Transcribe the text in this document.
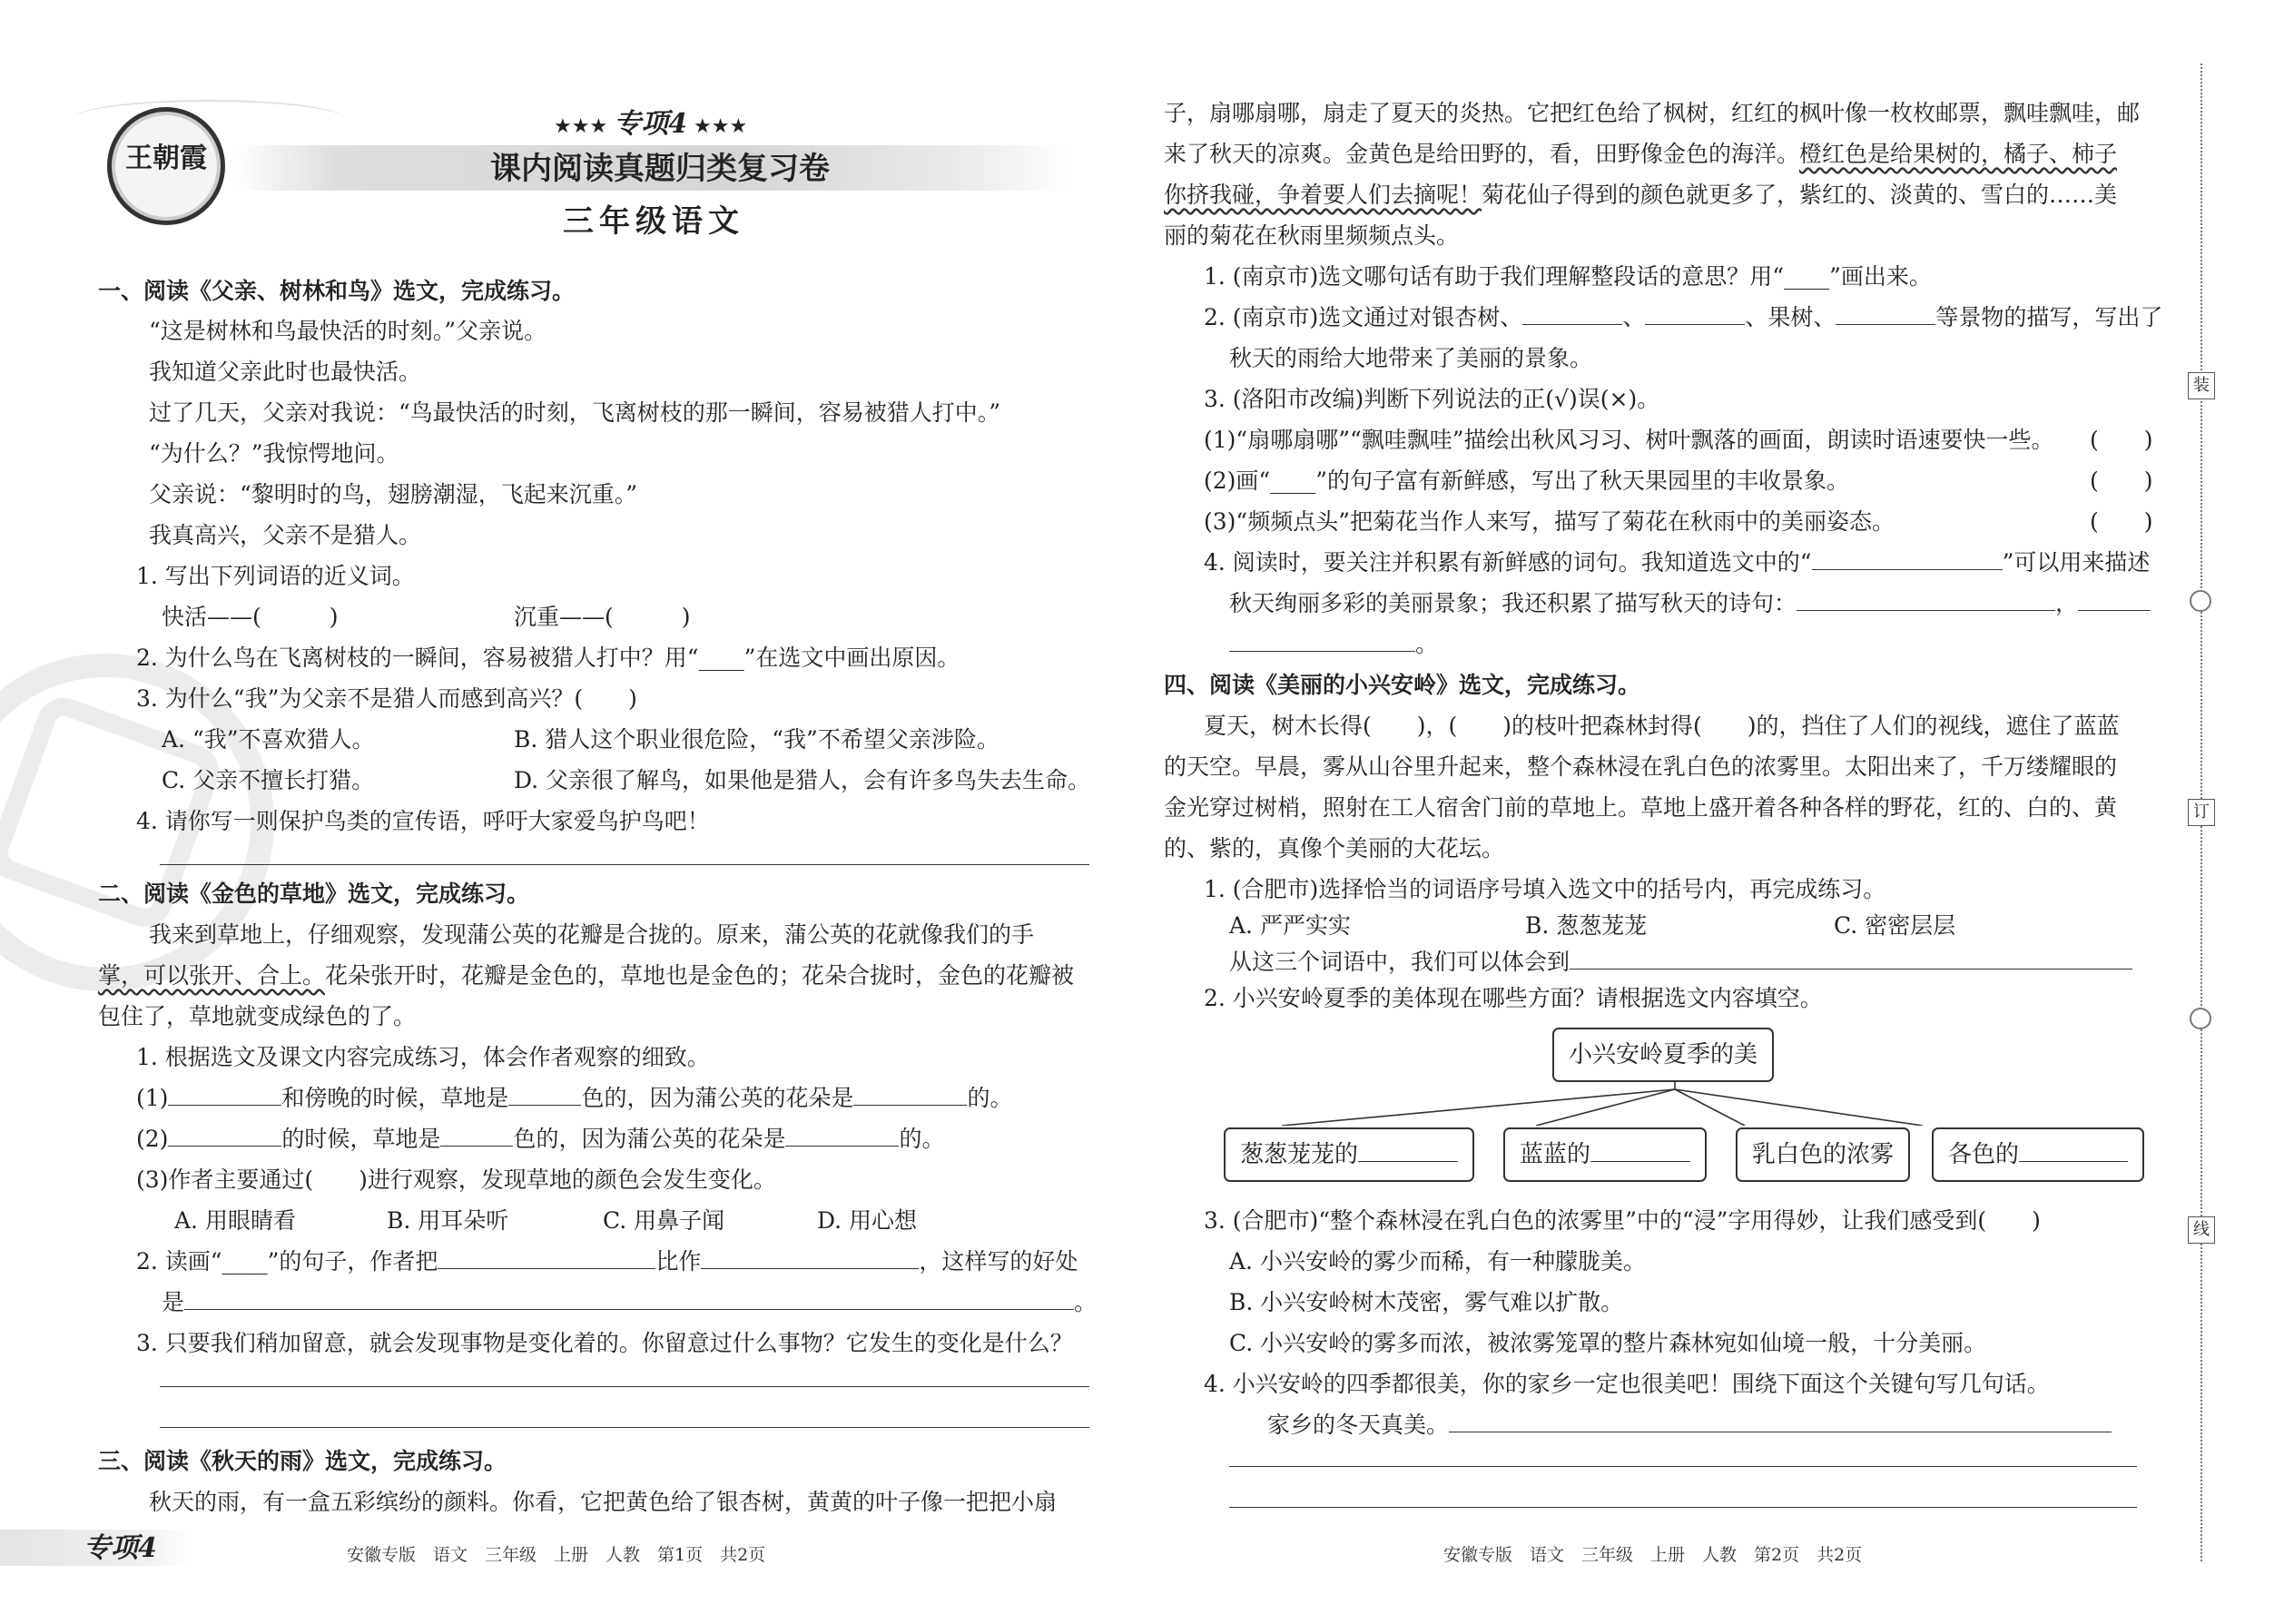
王朝霞
★★★ 专项4 ★★★
课内阅读真题归类复习卷
三年级语文
一、阅读《父亲、树林和鸟》选文，完成练习。
“这是树林和鸟最快活的时刻。”父亲说。
我知道父亲此时也最快活。
过了几天，父亲对我说：“鸟最快活的时刻，飞离树枝的那一瞬间，容易被猎人打中。”
“为什么？”我惊愕地问。
父亲说：“黎明时的鸟，翅膀潮湿，飞起来沉重。”
我真高兴，父亲不是猎人。
1. 写出下列词语的近义词。
快活——(　　　)	沉重——(　　　)
2. 为什么鸟在飞离树枝的一瞬间，容易被猎人打中？用“____”在选文中画出原因。
3. 为什么“我”为父亲不是猎人而感到高兴？(　　)
A. “我”不喜欢猎人。	B. 猎人这个职业很危险，“我”不希望父亲涉险。
C. 父亲不擅长打猎。	D. 父亲很了解鸟，如果他是猎人，会有许多鸟失去生命。
4. 请你写一则保护鸟类的宣传语，呼吁大家爱鸟护鸟吧！
二、阅读《金色的草地》选文，完成练习。
我来到草地上，仔细观察，发现蒲公英的花瓣是合拢的。原来，蒲公英的花就像我们的手
掌，可以张开、合上。花朵张开时，花瓣是金色的，草地也是金色的；花朵合拢时，金色的花瓣被
包住了，草地就变成绿色的了。
1. 根据选文及课文内容完成练习，体会作者观察的细致。
(1)	和傍晚的时候，草地是	色的，因为蒲公英的花朵是	的。
(2)	的时候，草地是	色的，因为蒲公英的花朵是	的。
(3)作者主要通过(　　)进行观察，发现草地的颜色会发生变化。
A. 用眼睛看	B. 用耳朵听	C. 用鼻子闻	D. 用心想
2. 读画“____”的句子，作者把	比作	，这样写的好处
是	。
3. 只要我们稍加留意，就会发现事物是变化着的。你留意过什么事物？它发生的变化是什么？
三、阅读《秋天的雨》选文，完成练习。
秋天的雨，有一盒五彩缤纷的颜料。你看，它把黄色给了银杏树，黄黄的叶子像一把把小扇
专项4	安徽专版　语文　三年级　上册　人教　第1页　共2页
子，扇哪扇哪，扇走了夏天的炎热。它把红色给了枫树，红红的枫叶像一枚枚邮票，飘哇飘哇，邮
来了秋天的凉爽。金黄色是给田野的，看，田野像金色的海洋。橙红色是给果树的，橘子、柿子
你挤我碰，争着要人们去摘呢！菊花仙子得到的颜色就更多了，紫红的、淡黄的、雪白的……美
丽的菊花在秋雨里频频点头。
1. (南京市)选文哪句话有助于我们理解整段话的意思？用“____”画出来。
2. (南京市)选文通过对银杏树、	、	、果树、	等景物的描写，写出了
秋天的雨给大地带来了美丽的景象。
3. (洛阳市改编)判断下列说法的正(√)误(×)。
(1)“扇哪扇哪”“飘哇飘哇”描绘出秋风习习、树叶飘落的画面，朗读时语速要快一些。 (　　)
(2)画“____”的句子富有新鲜感，写出了秋天果园里的丰收景象。	(　　)
(3)“频频点头”把菊花当作人来写，描写了菊花在秋雨中的美丽姿态。	(　　)
4. 阅读时，要关注并积累有新鲜感的词句。我知道选文中的“	”可以用来描述
秋天绚丽多彩的美丽景象；我还积累了描写秋天的诗句：	，
。
四、阅读《美丽的小兴安岭》选文，完成练习。
夏天，树木长得(　　)，(　　)的枝叶把森林封得(　　)的，挡住了人们的视线，遮住了蓝蓝
的天空。早晨，雾从山谷里升起来，整个森林浸在乳白色的浓雾里。太阳出来了，千万缕耀眼的
金光穿过树梢，照射在工人宿舍门前的草地上。草地上盛开着各种各样的野花，红的、白的、黄
的、紫的，真像个美丽的大花坛。
1. (合肥市)选择恰当的词语序号填入选文中的括号内，再完成练习。
A. 严严实实	B. 葱葱茏茏	C. 密密层层
从这三个词语中，我们可以体会到
2. 小兴安岭夏季的美体现在哪些方面？请根据选文内容填空。
小兴安岭夏季的美
葱葱茏茏的	蓝蓝的	乳白色的浓雾	各色的
3. (合肥市)“整个森林浸在乳白色的浓雾里”中的“浸”字用得妙，让我们感受到(　　)
A. 小兴安岭的雾少而稀，有一种朦胧美。
B. 小兴安岭树木茂密，雾气难以扩散。
C. 小兴安岭的雾多而浓，被浓雾笼罩的整片森林宛如仙境一般，十分美丽。
4. 小兴安岭的四季都很美，你的家乡一定也很美吧！围绕下面这个关键句写几句话。
家乡的冬天真美。
安徽专版　语文　三年级　上册　人教　第2页　共2页
装
订
线
